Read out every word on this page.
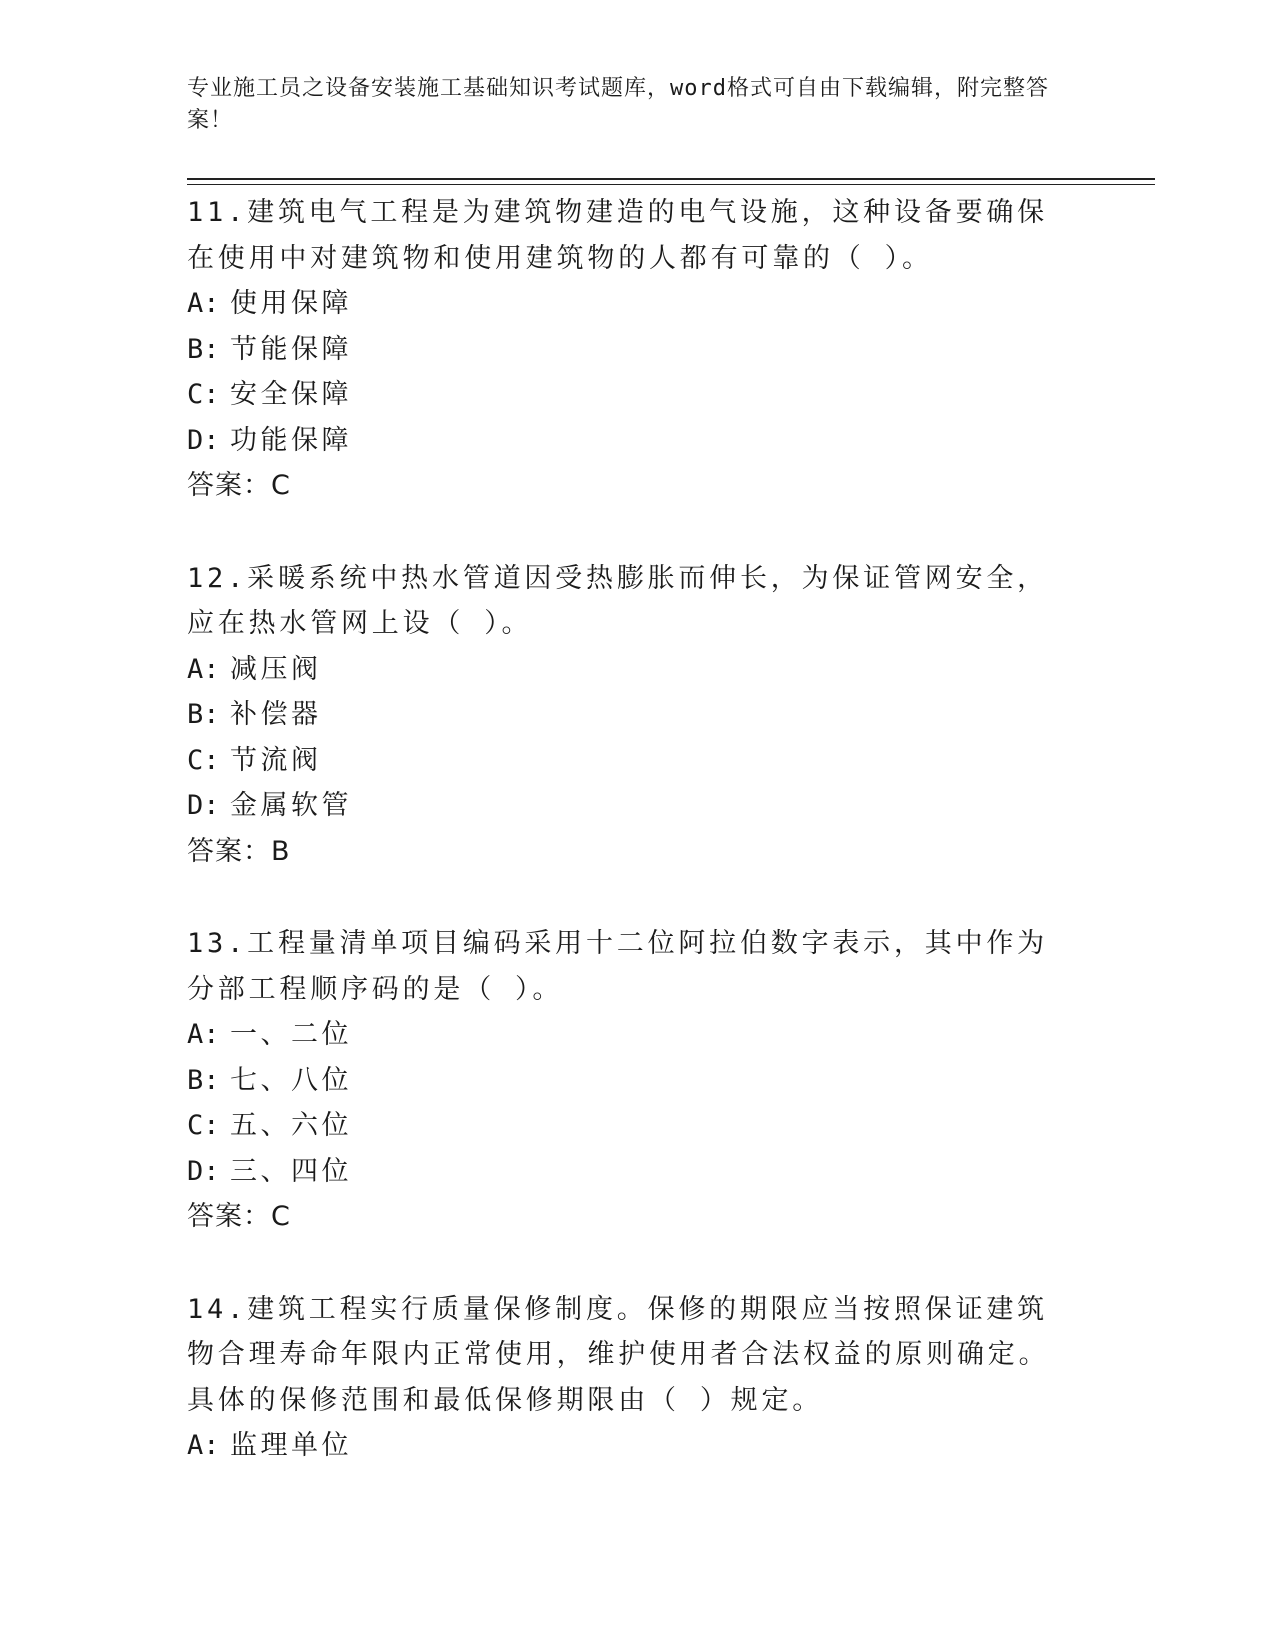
专业施工员之设备安装施工基础知识考试题库，word格式可自由下载编辑，附完整答案！

11.建筑电气工程是为建筑物建造的电气设施，这种设备要确保在使用中对建筑物和使用建筑物的人都有可靠的（ ）。

A: 使用保障
B: 节能保障
C: 安全保障
D: 功能保障
答案：C

12.采暖系统中热水管道因受热膨胀而伸长，为保证管网安全，应在热水管网上设（ ）。

A: 减压阀
B: 补偿器
C: 节流阀
D: 金属软管
答案：B

13.工程量清单项目编码采用十二位阿拉伯数字表示，其中作为分部工程顺序码的是（ ）。

A: 一、二位
B: 七、八位
C: 五、六位
D: 三、四位
答案：C

14.建筑工程实行质量保修制度。保修的期限应当按照保证建筑物合理寿命年限内正常使用，维护使用者合法权益的原则确定。具体的保修范围和最低保修期限由（ ）规定。

A: 监理单位
